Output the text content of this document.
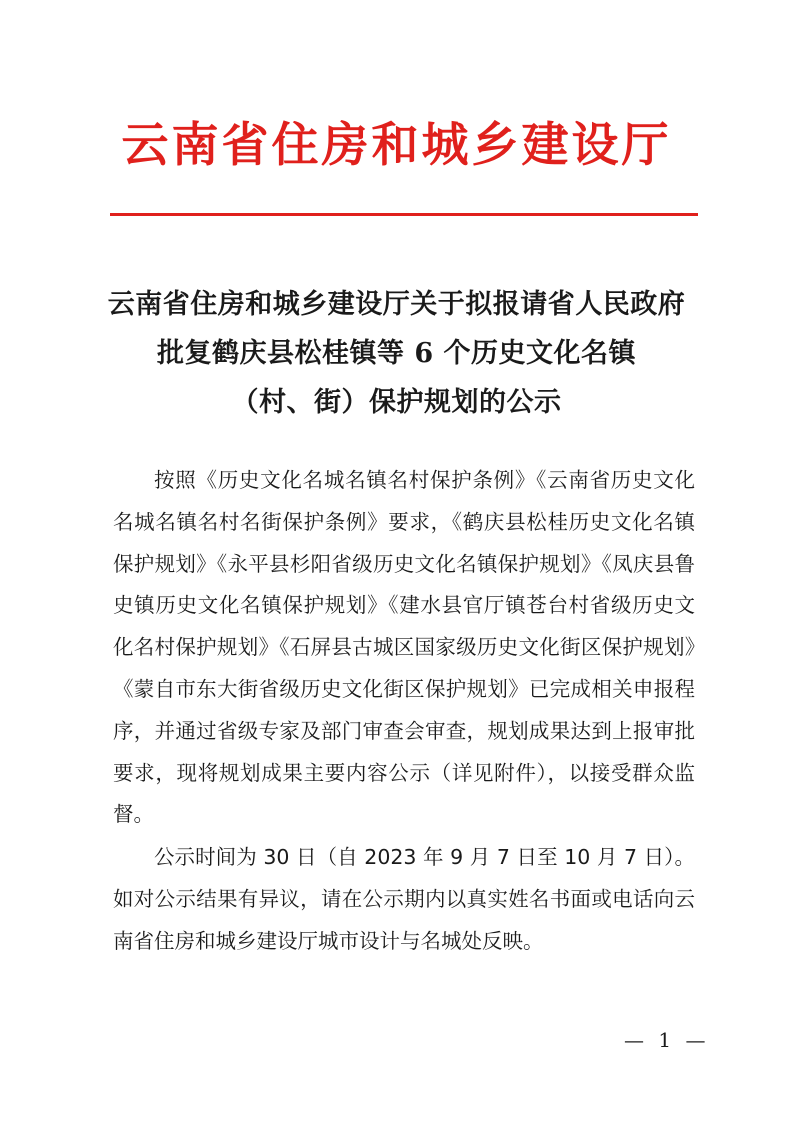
云南省住房和城乡建设厅
云南省住房和城乡建设厅关于拟报请省人民政府
批复鹤庆县松桂镇等 6 个历史文化名镇
（村、街）保护规划的公示

按照《历史文化名城名镇名村保护条例》《云南省历史文化名城名镇名村名街保护条例》要求，《鹤庆县松桂历史文化名镇保护规划》《永平县杉阳省级历史文化名镇保护规划》《凤庆县鲁史镇历史文化名镇保护规划》《建水县官厅镇苍台村省级历史文化名村保护规划》《石屏县古城区国家级历史文化街区保护规划》《蒙自市东大街省级历史文化街区保护规划》已完成相关申报程序，并通过省级专家及部门审查会审查，规划成果达到上报审批要求，现将规划成果主要内容公示（详见附件），以接受群众监督。

公示时间为 30 日（自 2023 年 9 月 7 日至 10 月 7 日）。如对公示结果有异议，请在公示期内以真实姓名书面或电话向云南省住房和城乡建设厅城市设计与名城处反映。

— 1 —
